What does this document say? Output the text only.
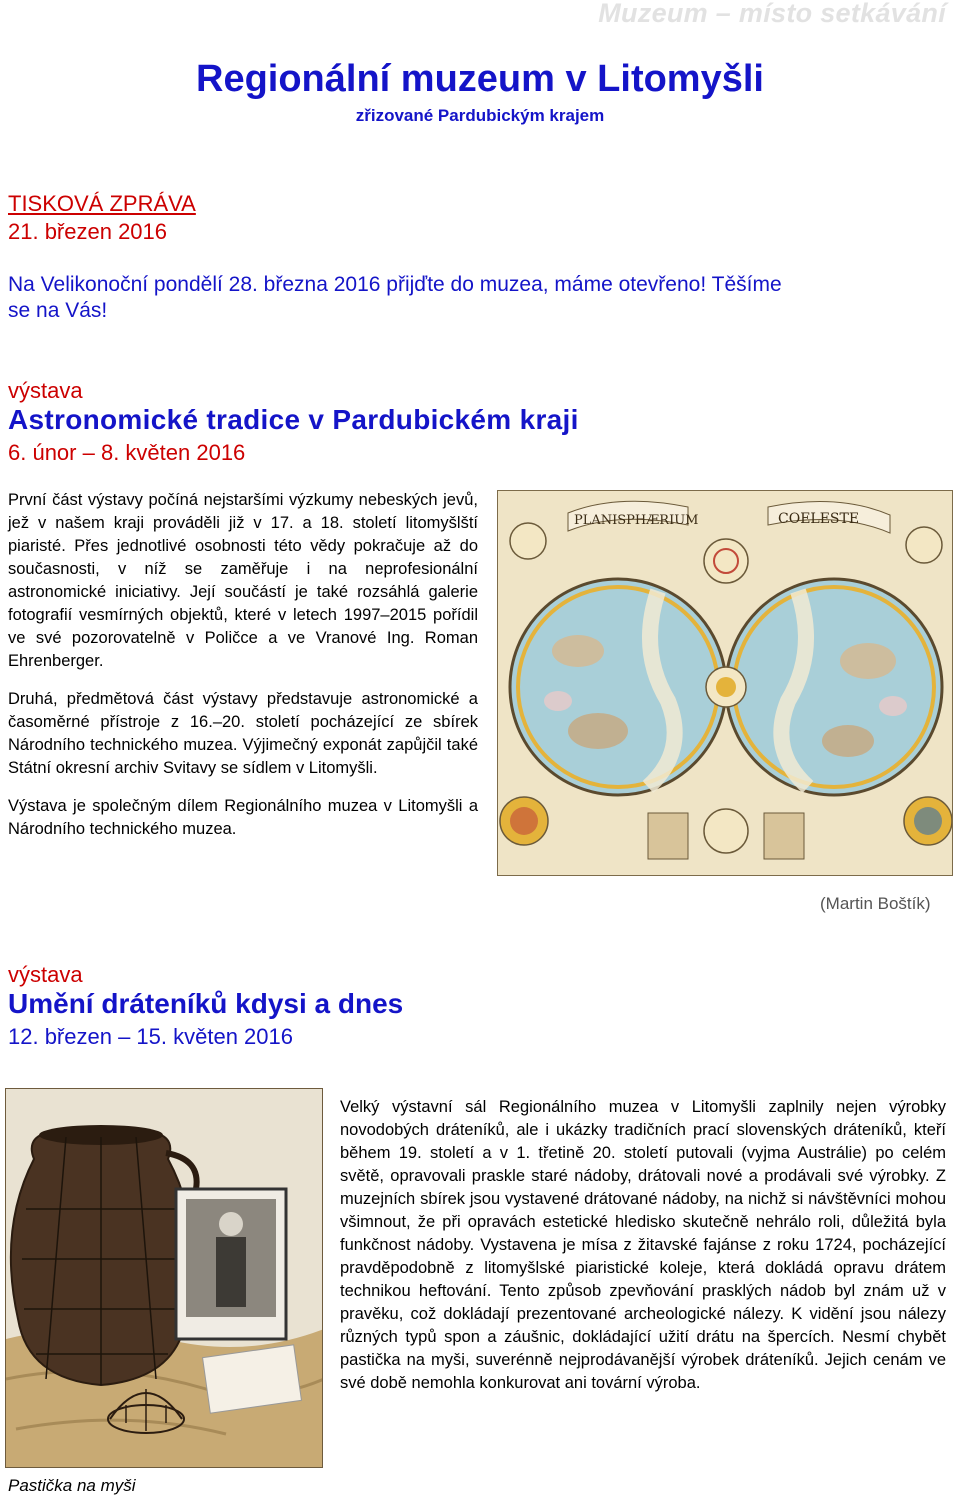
Muzeum – místo setkávání
Regionální muzeum v Litomyšli
zřizované Pardubickým krajem
TISKOVÁ ZPRÁVA
21. březen 2016
Na Velikonoční pondělí 28. března 2016 přijďte do muzea, máme otevřeno! Těšíme se na Vás!
výstava
Astronomické tradice v Pardubickém kraji
6. únor – 8. květen 2016

První část výstavy počíná nejstaršími výzkumy nebeských jevů, jež v našem kraji prováděli již v 17. a 18. století litomyšlští piaristé. Přes jednotlivé osobnosti této vědy pokračuje až do současnosti, v níž se zaměřuje i na neprofesionální astronomické iniciativy. Její součástí je také rozsáhlá galerie fotografií vesmírných objektů, které v letech 1997–2015 pořídil ve své pozorovatelně v Poličce a ve Vranové Ing. Roman Ehrenberger.

Druhá, předmětová část výstavy představuje astronomické a časoměrné přístroje z 16.–20. století pocházející ze sbírek Národního technického muzea. Výjimečný exponát zapůjčil také Státní okresní archiv Svitavy se sídlem v Litomyšli.

Výstava je společným dílem Regionálního muzea v Litomyšli a Národního technického muzea.

PLANISPHÆRIUM	COELESTE
(Martin Boštík)
výstava
Umění dráteníků kdysi a dnes
12. březen – 15. květen 2016
Velký výstavní sál Regionálního muzea v Litomyšli zaplnily nejen výrobky novodobých dráteníků, ale i ukázky tradičních prací slovenských dráteníků, kteří během 19. století a v 1. třetině 20. století putovali (vyjma Austrálie) po celém světě, opravovali praskle staré nádoby, drátovali nové a prodávali své výrobky. Z muzejních sbírek jsou vystavené drátované nádoby, na nichž si návštěvníci mohou všimnout, že při opravách estetické hledisko skutečně nehrálo roli, důležitá byla funkčnost nádoby. Vystavena je mísa z žitavské fajánse z roku 1724, pocházející pravděpodobně z litomyšlské piaristické koleje, která dokládá opravu drátem technikou heftování. Tento způsob zpevňování prasklých nádob byl znám už v pravěku, což dokládají prezentované archeologické nálezy. K vidění jsou nálezy různých typů spon a záušnic, dokládající užití drátu na špercích. Nesmí chybět pastička na myši, suverénně nejprodávanější výrobek dráteníků. Jejich cenám ve své době nemohla konkurovat ani tovární výroba.
Pastička na myši
